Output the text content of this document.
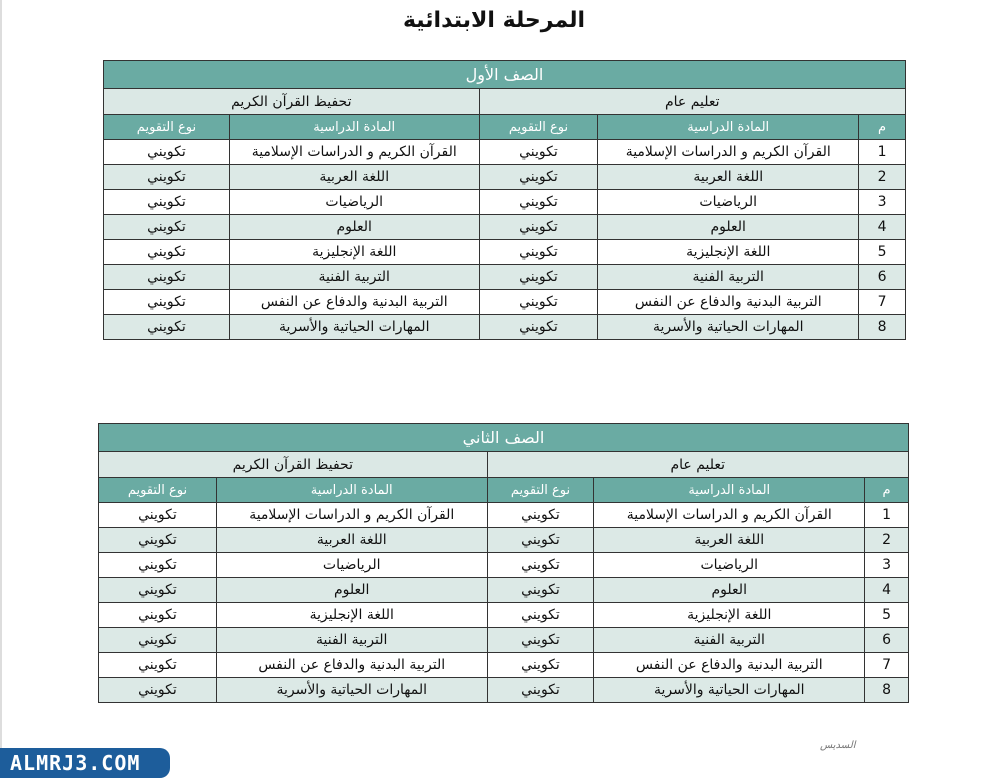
المرحلة الابتدائية
الصف الأول				
تعليم عام			تحفيظ القرآن الكريم	
م	المادة الدراسية	نوع التقويم	المادة الدراسية	نوع التقويم
1	القرآن الكريم و الدراسات الإسلامية	تكويني	القرآن الكريم و الدراسات الإسلامية	تكويني
2	اللغة العربية	تكويني	اللغة العربية	تكويني
3	الرياضيات	تكويني	الرياضيات	تكويني
4	العلوم	تكويني	العلوم	تكويني
5	اللغة الإنجليزية	تكويني	اللغة الإنجليزية	تكويني
6	التربية الفنية	تكويني	التربية الفنية	تكويني
7	التربية البدنية والدفاع عن النفس	تكويني	التربية البدنية والدفاع عن النفس	تكويني
8	المهارات الحياتية والأسرية	تكويني	المهارات الحياتية والأسرية	تكويني
الصف الثاني				
تعليم عام			تحفيظ القرآن الكريم	
م	المادة الدراسية	نوع التقويم	المادة الدراسية	نوع التقويم
1	القرآن الكريم و الدراسات الإسلامية	تكويني	القرآن الكريم و الدراسات الإسلامية	تكويني
2	اللغة العربية	تكويني	اللغة العربية	تكويني
3	الرياضيات	تكويني	الرياضيات	تكويني
4	العلوم	تكويني	العلوم	تكويني
5	اللغة الإنجليزية	تكويني	اللغة الإنجليزية	تكويني
6	التربية الفنية	تكويني	التربية الفنية	تكويني
7	التربية البدنية والدفاع عن النفس	تكويني	التربية البدنية والدفاع عن النفس	تكويني
8	المهارات الحياتية والأسرية	تكويني	المهارات الحياتية والأسرية	تكويني
ALMRJ3.COM
السديس
